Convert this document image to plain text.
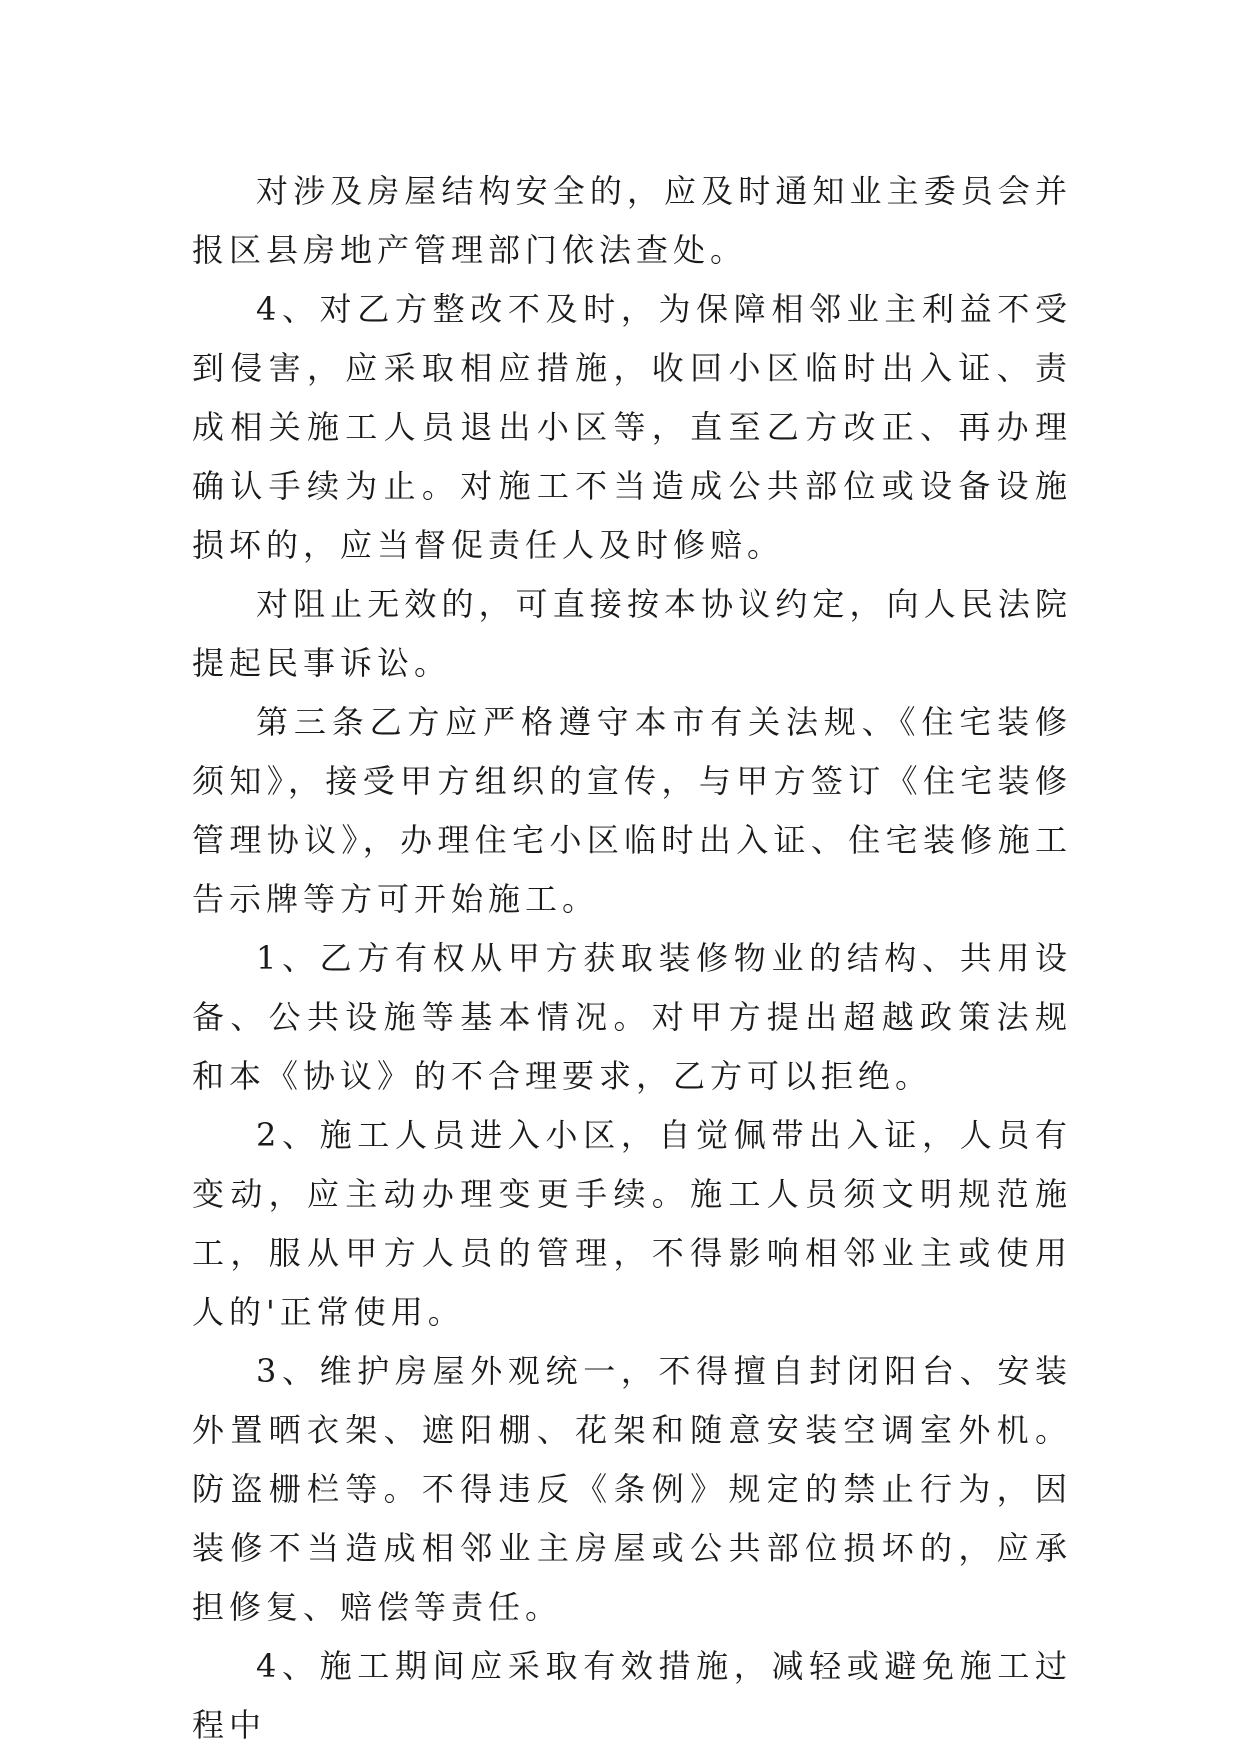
对涉及房屋结构安全的，应及时通知业主委员会并报区县房地产管理部门依法查处。

4、对乙方整改不及时，为保障相邻业主利益不受到侵害，应采取相应措施，收回小区临时出入证、责成相关施工人员退出小区等，直至乙方改正、再办理确认手续为止。对施工不当造成公共部位或设备设施损坏的，应当督促责任人及时修赔。

对阻止无效的，可直接按本协议约定，向人民法院提起民事诉讼。

第三条乙方应严格遵守本市有关法规、《住宅装修须知》，接受甲方组织的宣传，与甲方签订《住宅装修管理协议》，办理住宅小区临时出入证、住宅装修施工告示牌等方可开始施工。

1、乙方有权从甲方获取装修物业的结构、共用设备、公共设施等基本情况。对甲方提出超越政策法规和本《协议》的不合理要求，乙方可以拒绝。

2、施工人员进入小区，自觉佩带出入证，人员有变动，应主动办理变更手续。施工人员须文明规范施工，服从甲方人员的管理，不得影响相邻业主或使用人的'正常使用。

3、维护房屋外观统一，不得擅自封闭阳台、安装外置晒衣架、遮阳棚、花架和随意安装空调室外机。防盗栅栏等。不得违反《条例》规定的禁止行为，因装修不当造成相邻业主房屋或公共部位损坏的，应承担修复、赔偿等责任。

4、施工期间应采取有效措施，减轻或避免施工过程中
